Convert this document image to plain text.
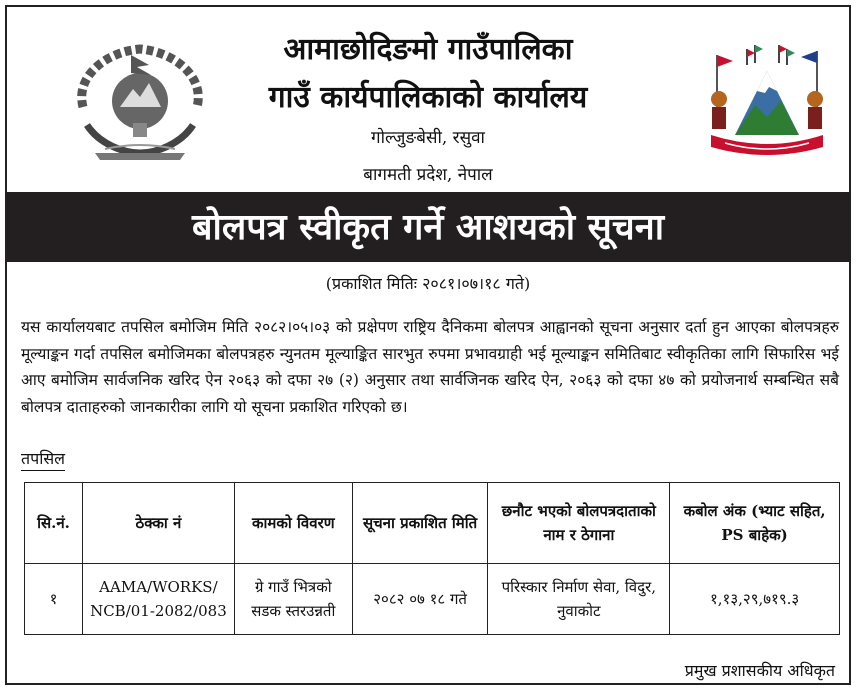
आमाछोदिङमो गाउँपालिका
गाउँ कार्यपालिकाको कार्यालय
गोल्जुङबेसी, रसुवा
बागमती प्रदेश, नेपाल
बोलपत्र स्वीकृत गर्ने आशयको सूचना
(प्रकाशित मितिः २०८१।०७।१८ गते)

यस कार्यालयबाट तपसिल बमोजिम मिति २०८२।०५।०३ को प्रक्षेपण राष्ट्रिय दैनिकमा बोलपत्र आह्वानको सूचना अनुसार दर्ता हुन आएका बोलपत्रहरु मूल्याङ्कन गर्दा तपसिल बमोजिमका बोलपत्रहरु न्युनतम मूल्याङ्कित सारभुत रुपमा प्रभावग्राही भई मूल्याङ्कन समितिबाट स्वीकृतिका लागि सिफारिस भई आए बमोजिम सार्वजनिक खरिद ऐन २०६३ को दफा २७ (२) अनुसार तथा सार्वजिनक खरिद ऐन, २०६३ को दफा ४७ को प्रयोजनार्थ सम्बन्धित सबै बोलपत्र दाताहरुको जानकारीका लागि यो सूचना प्रकाशित गरिएको छ।

तपसिल
सि.नं.	ठेक्का नं	कामको विवरण	सूचना प्रकाशित मिति	छनौट भएको बोलपत्रदाताको नाम र ठेगाना	कबोल अंक (भ्याट सहित, PS बाहेक)
१	AAMA/WORKS/ NCB/01-2082/083	ग्रे गाउँ भित्रको सडक स्तरउन्नती	२०८२ ०७ १८ गते	परिस्कार निर्माण सेवा, विदुर, नुवाकोट	१,१३,२९,७१९.३
प्रमुख प्रशासकीय अधिकृत
